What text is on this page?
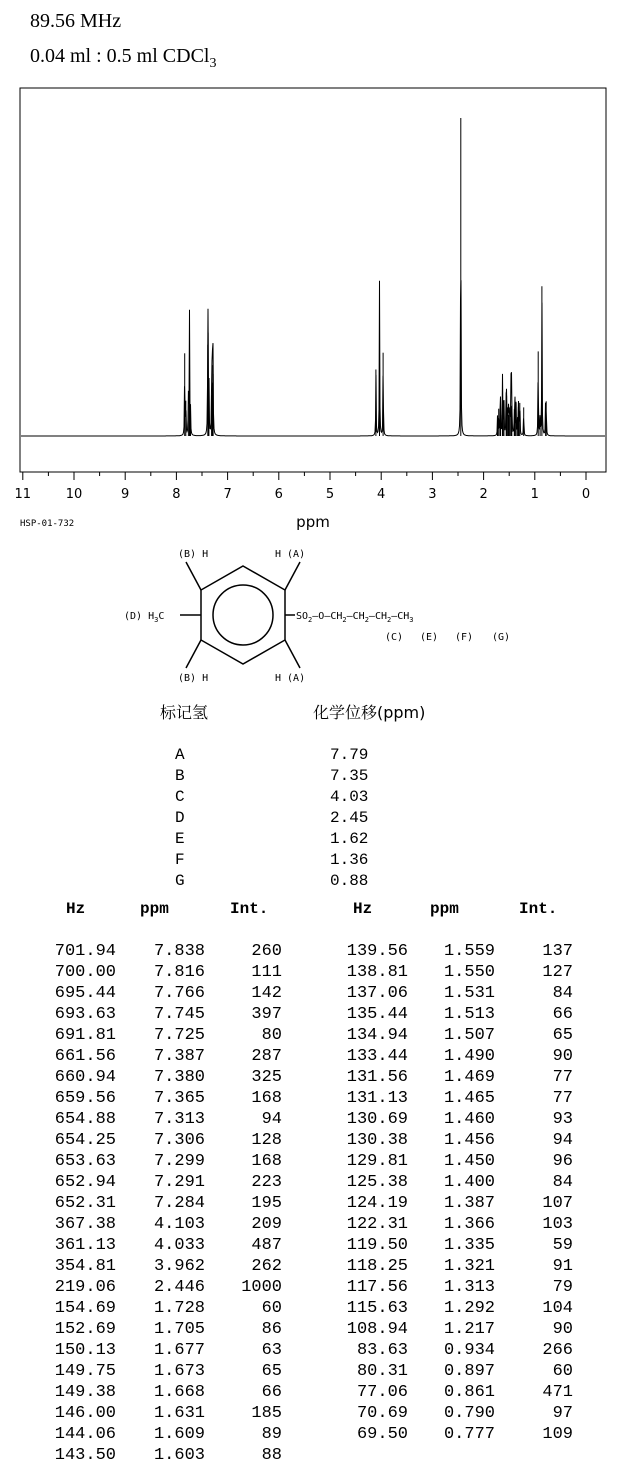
89.56 MHz
0.04 ml : 0.5 ml CDCl$_3$
11	10	9	8	7	6	5	4	3	2	1	0
ppm
HSP-01-732
(B) H	H (A)
(B) H	H (A)
(D) $H_3C$	$SO_2—O—CH_2—CH_2—CH_2—CH_3$
(C) (E) (F) (G)
标记氢	化学位移(ppm)
A	7.79
B	7.35
C	4.03
D	2.45
E	1.62
F	1.36
G	0.88
Hz	ppm	Int.	Hz	ppm	Int.
701.94	7.838	260
700.00	7.816	111
695.44	7.766	142
693.63	7.745	397
691.81	7.725	80
661.56	7.387	287
660.94	7.380	325
659.56	7.365	168
654.88	7.313	94
654.25	7.306	128
653.63	7.299	168
652.94	7.291	223
652.31	7.284	195
367.38	4.103	209
361.13	4.033	487
354.81	3.962	262
219.06	2.446	1000
154.69	1.728	60
152.69	1.705	86
150.13	1.677	63
149.75	1.673	65
149.38	1.668	66
146.00	1.631	185
144.06	1.609	89
143.50	1.603	88
139.56	1.559	137
138.81	1.550	127
137.06	1.531	84
135.44	1.513	66
134.94	1.507	65
133.44	1.490	90
131.56	1.469	77
131.13	1.465	77
130.69	1.460	93
130.38	1.456	94
129.81	1.450	96
125.38	1.400	84
124.19	1.387	107
122.31	1.366	103
119.50	1.335	59
118.25	1.321	91
117.56	1.313	79
115.63	1.292	104
108.94	1.217	90
83.63	0.934	266
80.31	0.897	60
77.06	0.861	471
70.69	0.790	97
69.50	0.777	109
